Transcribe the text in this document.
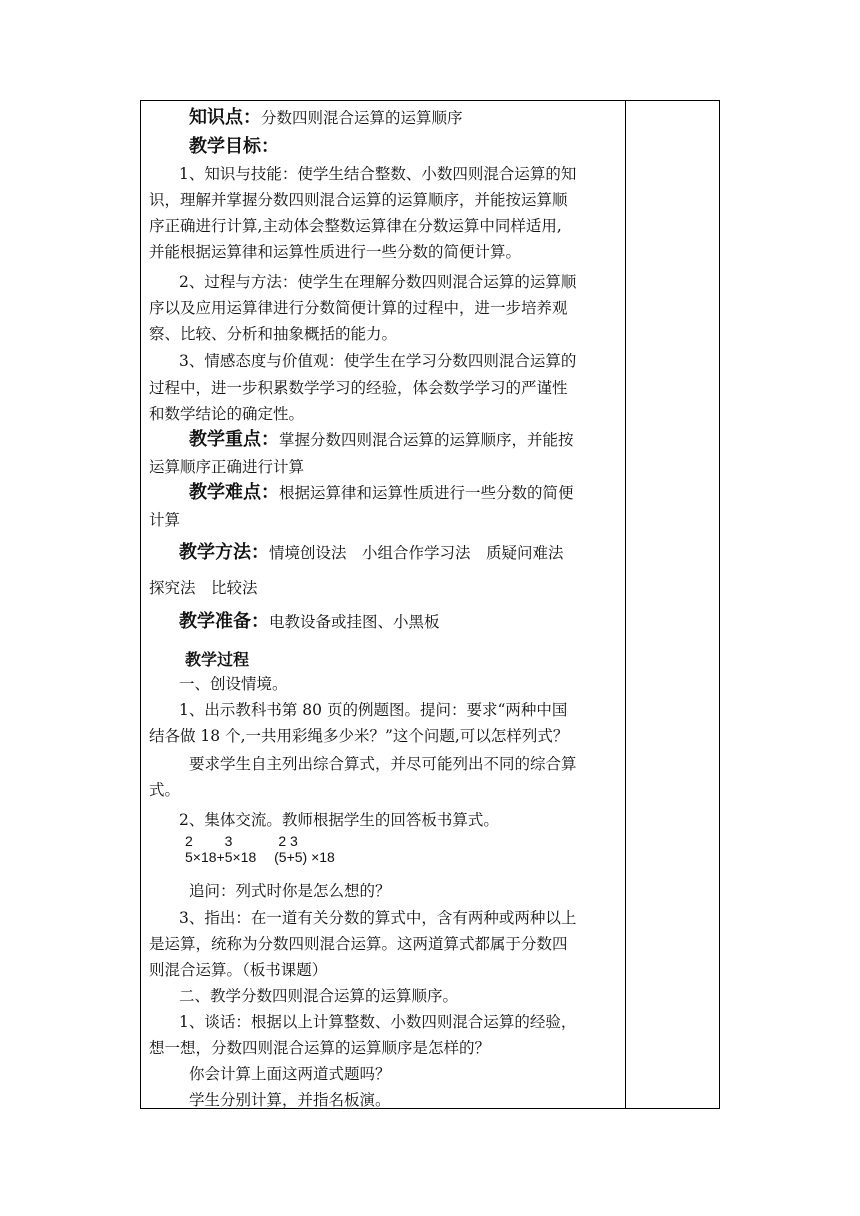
知识点：分数四则混合运算的运算顺序
教学目标：
1、知识与技能：使学生结合整数、小数四则混合运算的知
识，理解并掌握分数四则混合运算的运算顺序，并能按运算顺
序正确进行计算,主动体会整数运算律在分数运算中同样适用,
并能根据运算律和运算性质进行一些分数的简便计算。
2、过程与方法：使学生在理解分数四则混合运算的运算顺
序以及应用运算律进行分数简便计算的过程中，进一步培养观
察、比较、分析和抽象概括的能力。
3、情感态度与价值观：使学生在学习分数四则混合运算的
过程中，进一步积累数学学习的经验，体会数学学习的严谨性
和数学结论的确定性。
教学重点：掌握分数四则混合运算的运算顺序，并能按
运算顺序正确进行计算
教学难点：根据运算律和运算性质进行一些分数的简便
计算
教学方法：情境创设法　小组合作学习法　质疑问难法
探究法　比较法
教学准备：电教设备或挂图、小黑板
教学过程
一、创设情境。
1、出示教科书第 80 页的例题图。提问：要求“两种中国
结各做 18 个,一共用彩绳多少米？”这个问题,可以怎样列式？
要求学生自主列出综合算式，并尽可能列出不同的综合算
式。
2、集体交流。教师根据学生的回答板书算式。
2　　 3　　　 2 3
5×18+5×18　 (5+5) ×18
追问：列式时你是怎么想的？
3、指出：在一道有关分数的算式中，含有两种或两种以上
是运算，统称为分数四则混合运算。这两道算式都属于分数四
则混合运算。（板书课题）
二、教学分数四则混合运算的运算顺序。
1、谈话：根据以上计算整数、小数四则混合运算的经验，
想一想，分数四则混合运算的运算顺序是怎样的？
你会计算上面这两道式题吗？
学生分别计算，并指名板演。
